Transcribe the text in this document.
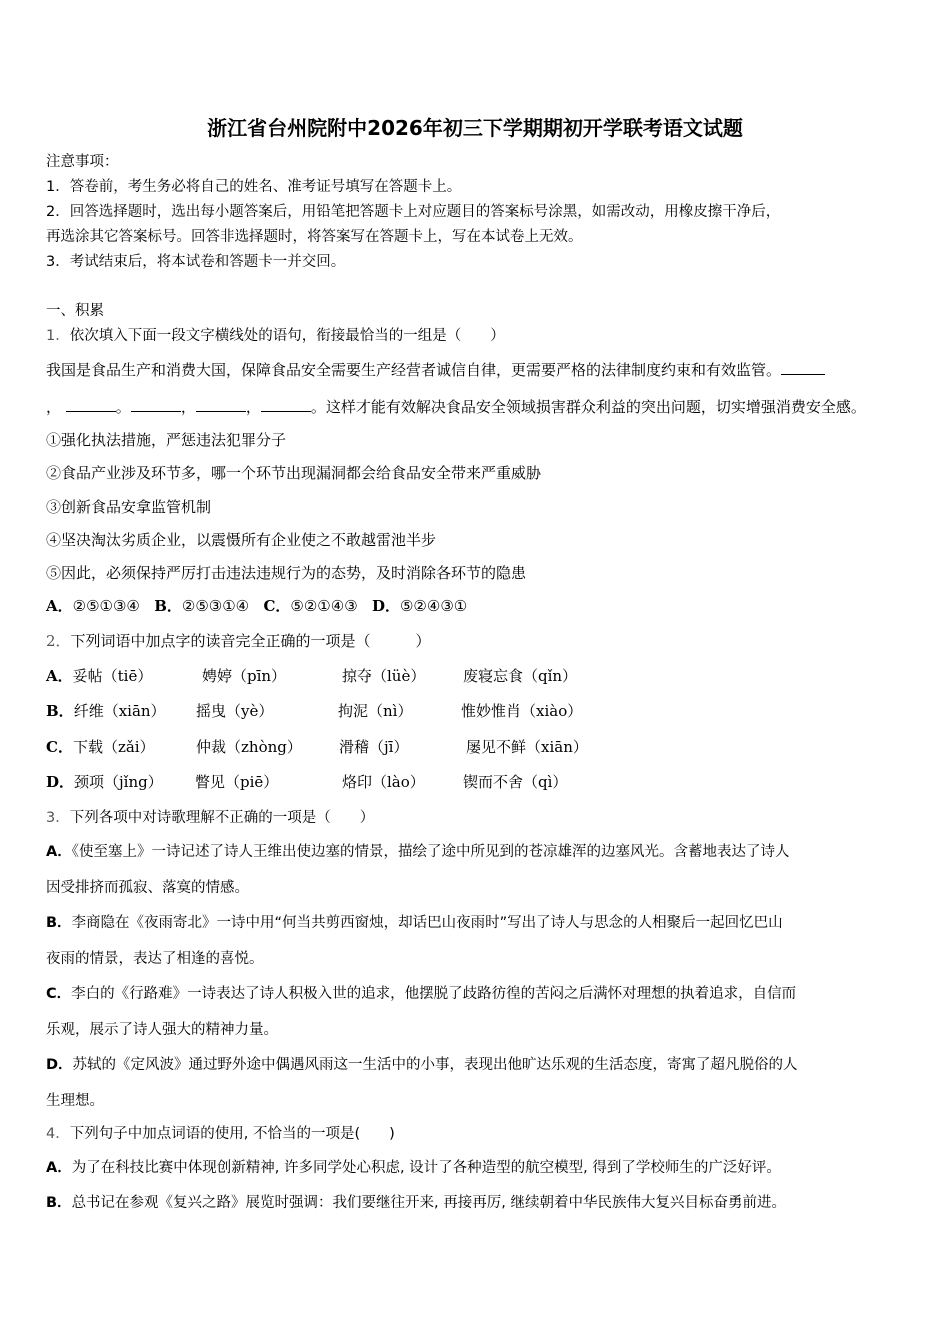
浙江省台州院附中2026年初三下学期期初开学联考语文试题
注意事项：
1．答卷前，考生务必将自己的姓名、准考证号填写在答题卡上。
2．回答选择题时，选出每小题答案后，用铅笔把答题卡上对应题目的答案标号涂黑，如需改动，用橡皮擦干净后，
再选涂其它答案标号。回答非选择题时，将答案写在答题卡上，写在本试卷上无效。
3．考试结束后，将本试卷和答题卡一并交回。
一、积累
1．依次填入下面一段文字横线处的语句，衔接最恰当的一组是（　　）
我国是食品生产和消费大国，保障食品安全需要生产经营者诚信自律，更需要严格的法律制度约束和有效监管。
，	。	，	，	。这样才能有效解决食品安全领域损害群众利益的突出问题，切实增强消费安全感。
①强化执法措施，严惩违法犯罪分子
②食品产业涉及环节多，哪一个环节出现漏洞都会给食品安全带来严重威胁
③创新食品安拿监管机制
④坚决淘汰劣质企业，以震慑所有企业使之不敢越雷池半步
⑤因此，必须保持严厉打击违法违规行为的态势，及时消除各环节的隐患
A．②⑤①③④ B．②⑤③①④ C．⑤②①④③ D．⑤②④③①
2．下列词语中加点字的读音完全正确的一项是（　　　）
A．妥帖（tiē）	娉婷（pīn）	掠夺（lüè）	废寝忘食（qǐn）
B．纤维（xiān） 摇曳（yè）	拘泥（nì）	惟妙惟肖（xiào）
C．下载（zǎi）	仲裁（zhòng） 滑稽（jī）	屡见不鲜（xiān）
D．颈项（jǐng） 瞥见（piē）	烙印（lào）	锲而不舍（qì）
3．下列各项中对诗歌理解不正确的一项是（　　）
A．《使至塞上》一诗记述了诗人王维出使边塞的情景，描绘了途中所见到的苍凉雄浑的边塞风光。含蓄地表达了诗人
因受排挤而孤寂、落寞的情感。
B．李商隐在《夜雨寄北》一诗中用“何当共剪西窗烛，却话巴山夜雨时”写出了诗人与思念的人相聚后一起回忆巴山
夜雨的情景，表达了相逢的喜悦。
C．李白的《行路难》一诗表达了诗人积极入世的追求，他摆脱了歧路彷徨的苦闷之后满怀对理想的执着追求，自信而
乐观，展示了诗人强大的精神力量。
D．苏轼的《定风波》通过野外途中偶遇风雨这一生活中的小事，表现出他旷达乐观的生活态度，寄寓了超凡脱俗的人
生理想。
4．下列句子中加点词语的使用, 不恰当的一项是(　　)
A．为了在科技比赛中体现创新精神, 许多同学处心积虑, 设计了各种造型的航空模型, 得到了学校师生的广泛好评。
B．总书记在参观《复兴之路》展览时强调：我们要继往开来, 再接再厉, 继续朝着中华民族伟大复兴目标奋勇前进。
